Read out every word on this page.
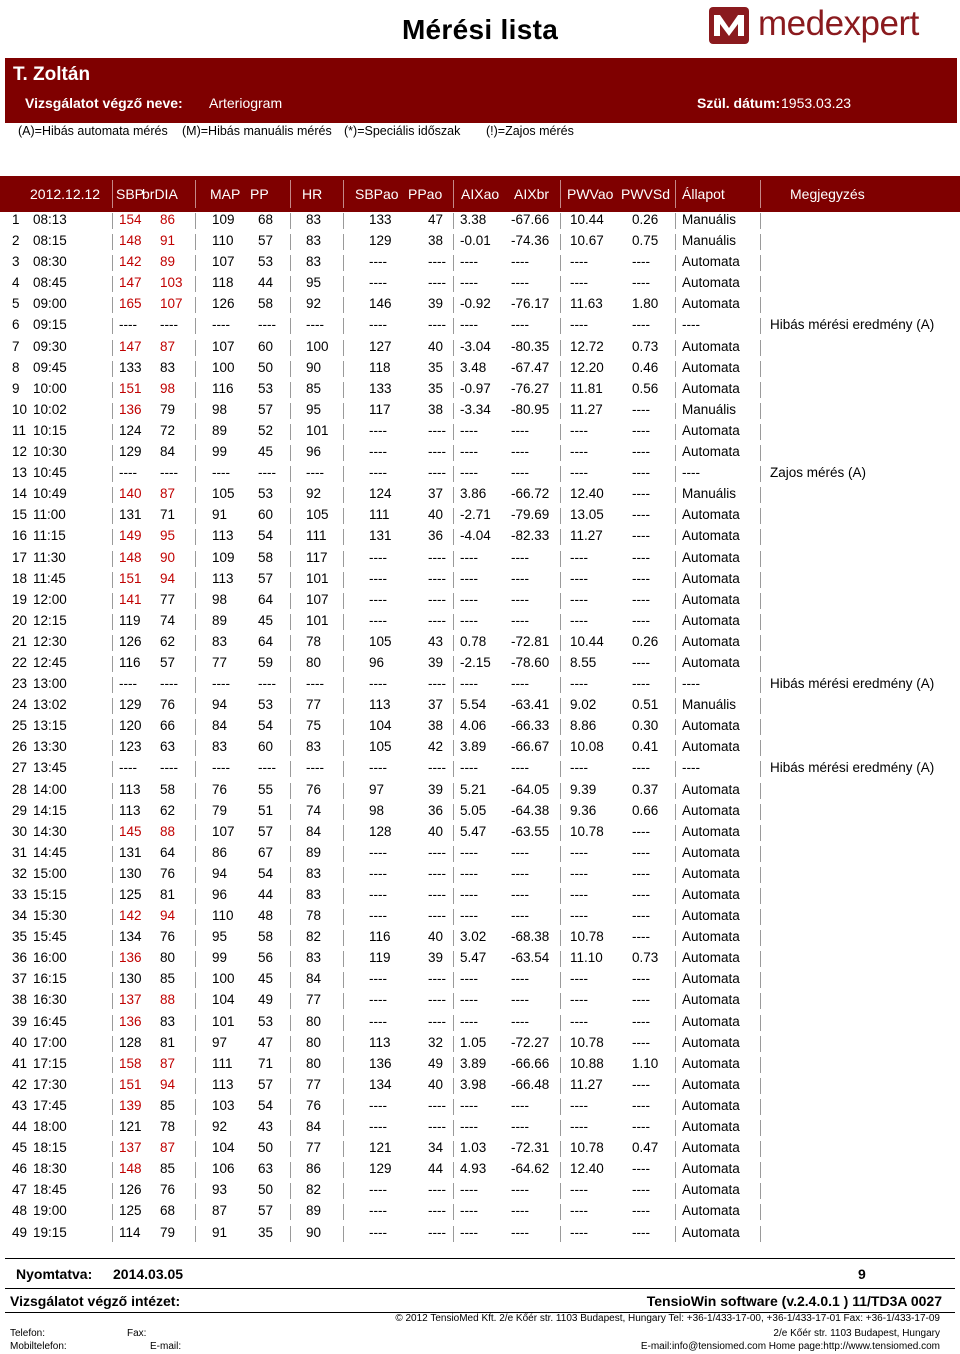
Mérési lista	medexpert
T. Zoltán
Vizsgálatot végző neve: Arteriogram	Szül. dátum: 1953.03.23
(A)=Hibás automata mérés (M)=Hibás manuális mérés (*)=Speciális időszak (!)=Zajos mérés
2012.12.12 SBP
brDIA MAP PP HR SBPao PPao AIXao AIXbr PWVao PWVSd Állapot	Megjegyzés
1 08:13	154 86	109 68 83	133	47 3.38 -67.66 10.44 0.26 Manuális
2 08:15	148 91	110 57 83	129	38 -0.01 -74.36 10.67 0.75 Manuális
3 08:30	142 89	107 53 83	----	---- ---- ----	----	---- Automata
4 08:45	147 103 118 44 95	----	---- ---- ----	----	---- Automata
5 09:00	165 107 126 58 92	146	39 -0.92 -76.17 11.63 1.80 Automata
6 09:15	---- ----	---- ---- ----	----	---- ---- ----	----	---- ----	Hibás mérési eredmény (A)
7 09:30	147 87	107 60 100	127	40 -3.04 -80.35 12.72 0.73 Automata
8 09:45	133 83	100 50 90	118	35 3.48 -67.47 12.20 0.46 Automata
9 10:00	151 98	116 53 85	133	35 -0.97 -76.27 11.81 0.56 Automata
10 10:02	136 79	98 57 95	117	38 -3.34 -80.95 11.27 ---- Manuális
11 10:15	124 72	89 52 101	----	---- ---- ----	----	---- Automata
12 10:30	129 84	99 45 96	----	---- ---- ----	----	---- Automata
13 10:45	---- ----	---- ---- ----	----	---- ---- ----	----	---- ----	Zajos mérés (A)
14 10:49	140 87	105 53 92	124	37 3.86 -66.72 12.40 ---- Manuális
15 11:00	131 71	91 60 105	111	40 -2.71 -79.69 13.05 ---- Automata
16 11:15	149 95	113 54 111	131	36 -4.04 -82.33 11.27 ---- Automata
17 11:30	148 90	109 58 117	----	---- ---- ----	----	---- Automata
18 11:45	151 94	113 57 101	----	---- ---- ----	----	---- Automata
19 12:00	141 77	98 64 107	----	---- ---- ----	----	---- Automata
20 12:15	119 74	89 45 101	----	---- ---- ----	----	---- Automata
21 12:30	126 62	83 64 78	105	43 0.78 -72.81 10.44 0.26 Automata
22 12:45	116 57	77 59 80	96	39 -2.15 -78.60 8.55	---- Automata
23 13:00	---- ----	---- ---- ----	----	---- ---- ----	----	---- ----	Hibás mérési eredmény (A)
24 13:02	129 76	94 53 77	113	37 5.54 -63.41 9.02	0.51 Manuális
25 13:15	120 66	84 54 75	104	38 4.06 -66.33 8.86	0.30 Automata
26 13:30	123 63	83 60 83	105	42 3.89 -66.67 10.08 0.41 Automata
27 13:45	---- ----	---- ---- ----	----	---- ---- ----	----	---- ----	Hibás mérési eredmény (A)
28 14:00	113 58	76 55 76	97	39 5.21 -64.05 9.39	0.37 Automata
29 14:15	113 62	79 51 74	98	36 5.05 -64.38 9.36	0.66 Automata
30 14:30	145 88	107 57 84	128	40 5.47 -63.55 10.78 ---- Automata
31 14:45	131 64	86 67 89	----	---- ---- ----	----	---- Automata
32 15:00	130 76	94 54 83	----	---- ---- ----	----	---- Automata
33 15:15	125 81	96 44 83	----	---- ---- ----	----	---- Automata
34 15:30	142 94	110 48 78	----	---- ---- ----	----	---- Automata
35 15:45	134 76	95 58 82	116	40 3.02 -68.38 10.78 ---- Automata
36 16:00	136 80	99 56 83	119	39 5.47 -63.54 11.10 0.73 Automata
37 16:15	130 85	100 45 84	----	---- ---- ----	----	---- Automata
38 16:30	137 88	104 49 77	----	---- ---- ----	----	---- Automata
39 16:45	136 83	101 53 80	----	---- ---- ----	----	---- Automata
40 17:00	128 81	97 47 80	113	32 1.05 -72.27 10.78 ---- Automata
41 17:15	158 87	111 71 80	136	49 3.89 -66.66 10.88 1.10 Automata
42 17:30	151 94	113 57 77	134	40 3.98 -66.48 11.27 ---- Automata
43 17:45	139 85	103 54 76	----	---- ---- ----	----	---- Automata
44 18:00	121 78	92 43 84	----	---- ---- ----	----	---- Automata
45 18:15	137 87	104 50 77	121	34 1.03 -72.31 10.78 0.47 Automata
46 18:30	148 85	106 63 86	129	44 4.93 -64.62 12.40 ---- Automata
47 18:45	126 76	93 50 82	----	---- ---- ----	----	---- Automata
48 19:00	125 68	87 57 89	----	---- ---- ----	----	---- Automata
49 19:15	114 79	91 35 90	----	---- ---- ----	----	---- Automata
Nyomtatva: 2014.03.05	9
Vizsgálatot végző intézet:	TensioWin software (v.2.4.0.1 ) 11/TD3A 0027
© 2012 TensioMed Kft. 2/e Kőér str. 1103 Budapest, Hungary Tel: +36-1/433-17-00, +36-1/433-17-01 Fax: +36-1/433-17-09
Telefon:	Fax:	2/e Kőér str. 1103 Budapest, Hungary
Mobiltelefon:	E-mail:	E-mail:info@tensiomed.com Home page:http://www.tensiomed.com
